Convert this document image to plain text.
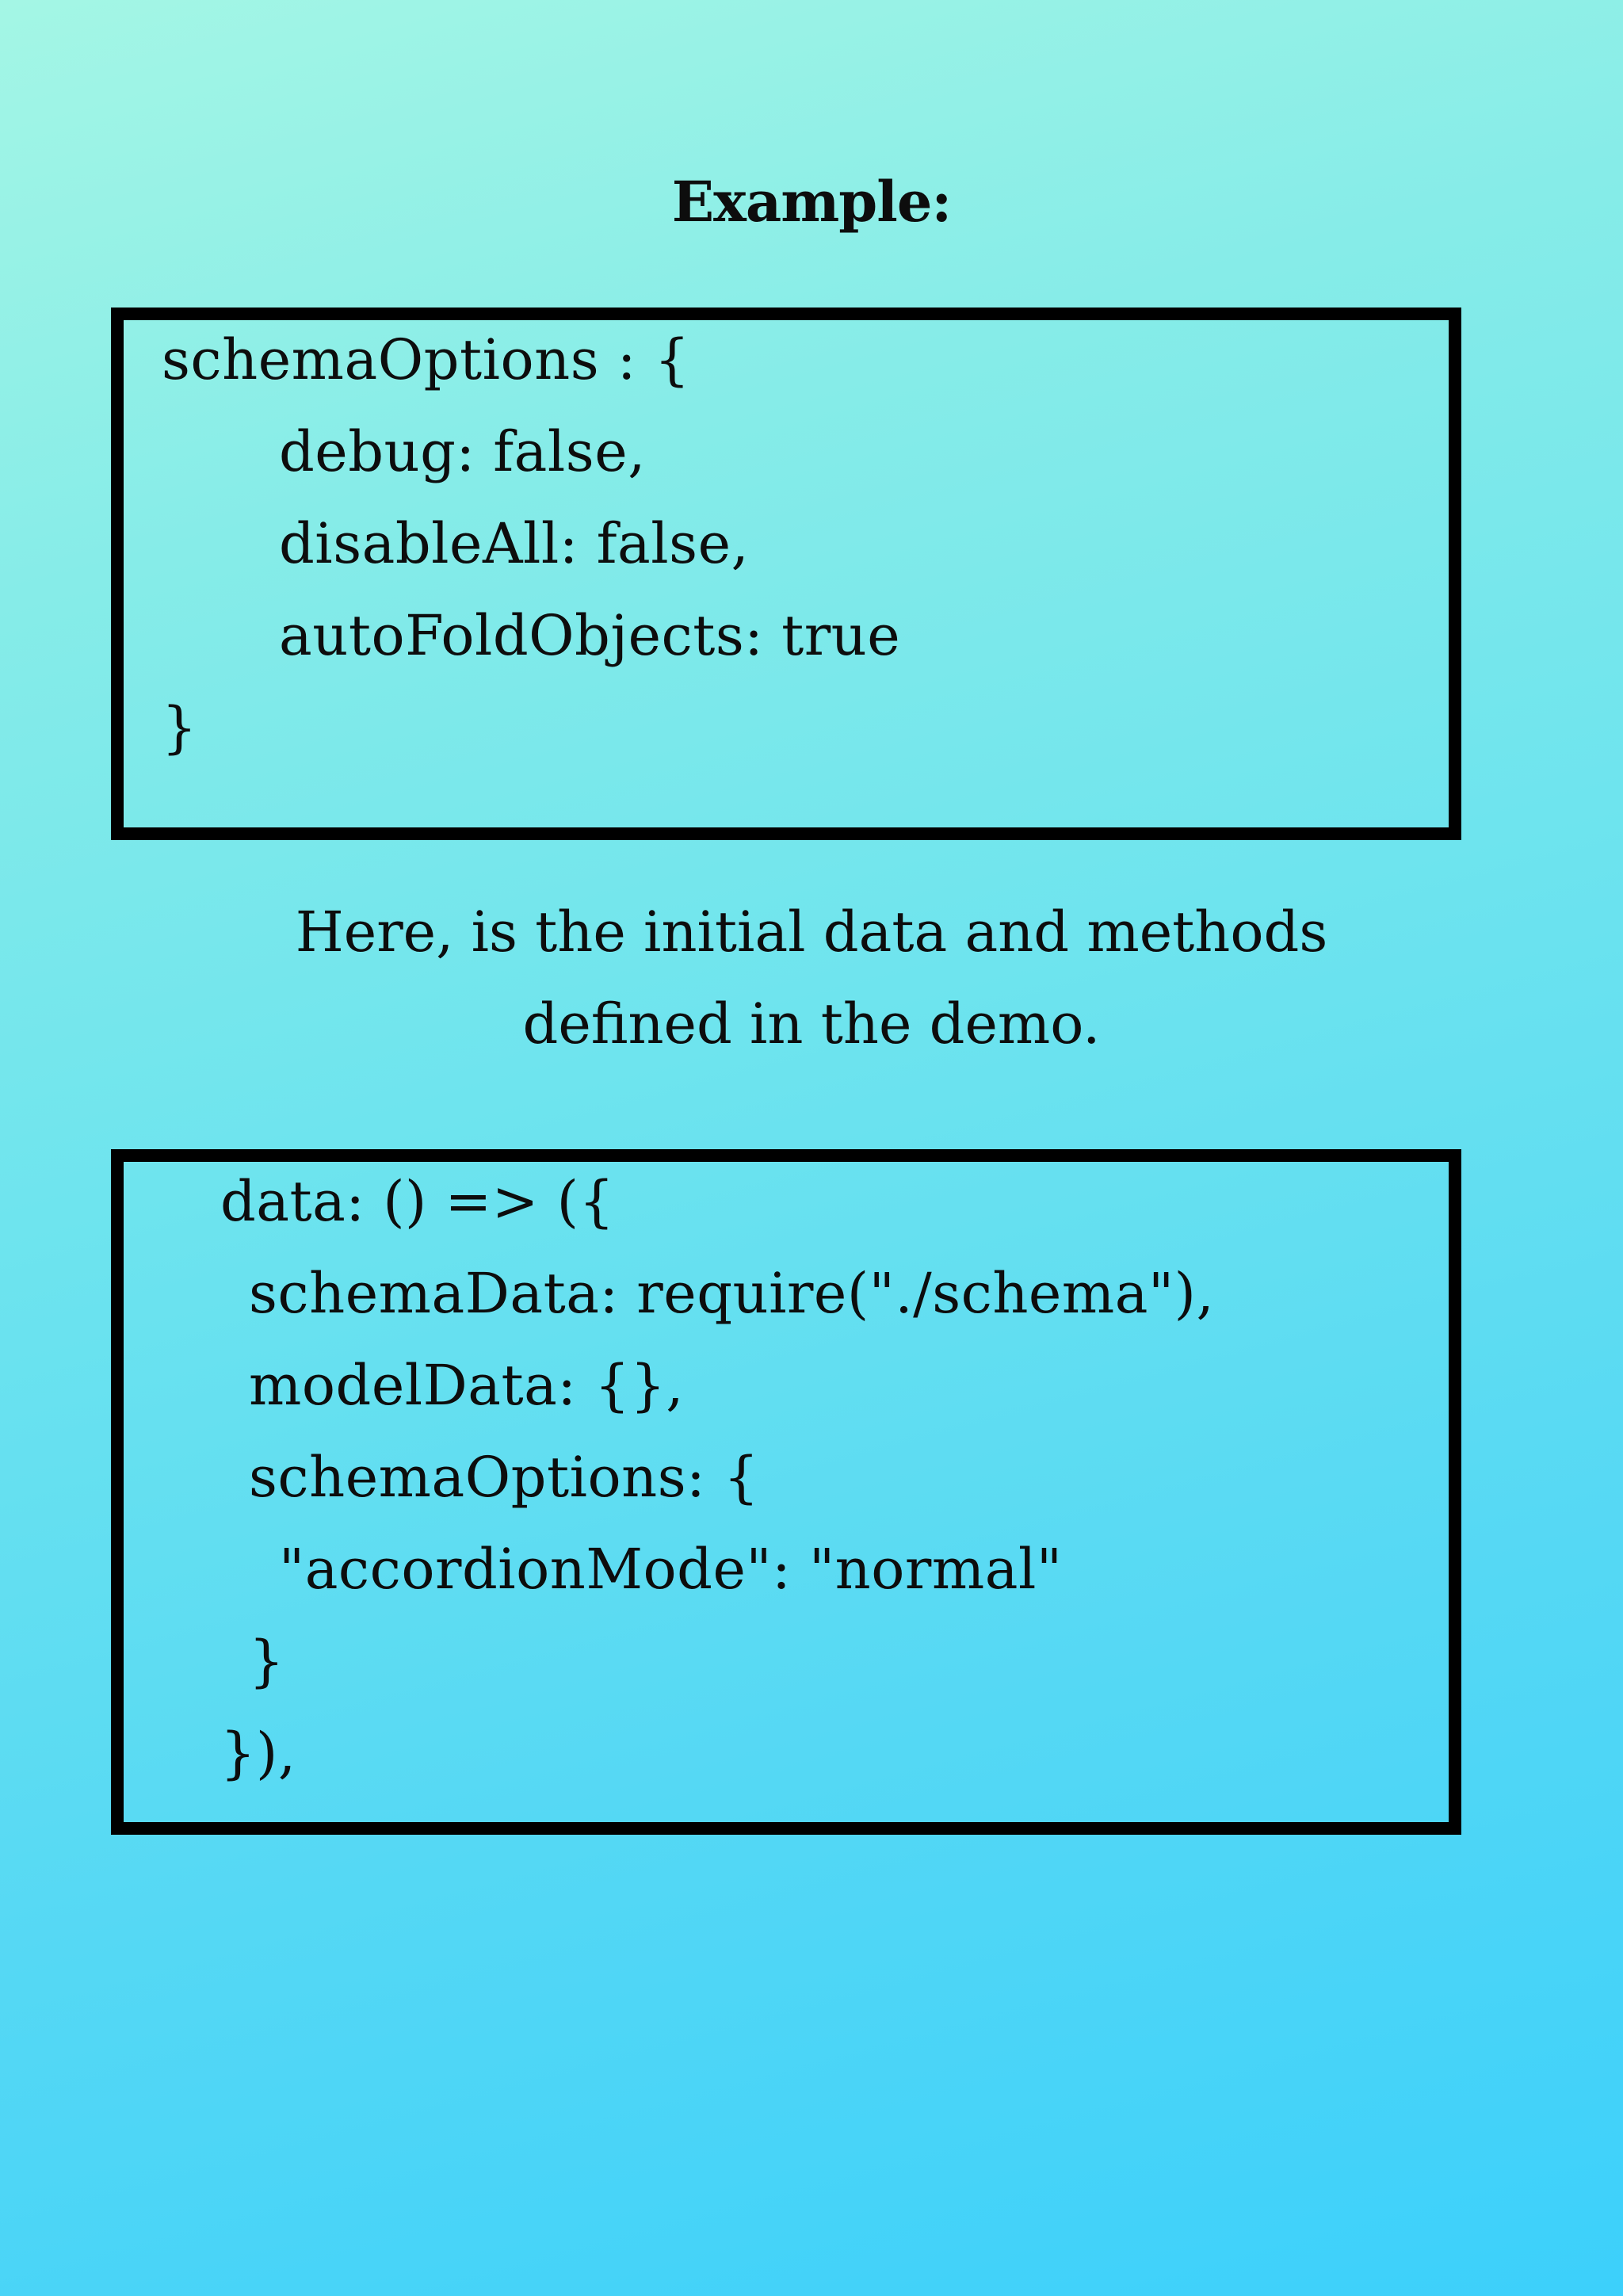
Example:

schemaOptions : {

debug: false,

disableAll: false,

autoFoldObjects: true

}

Here, is the initial data and methods
defined in the demo.

data: () => ({

schemaData: require("./schema"),

modelData: {},

schemaOptions: {

"accordionMode": "normal"

}

}),
